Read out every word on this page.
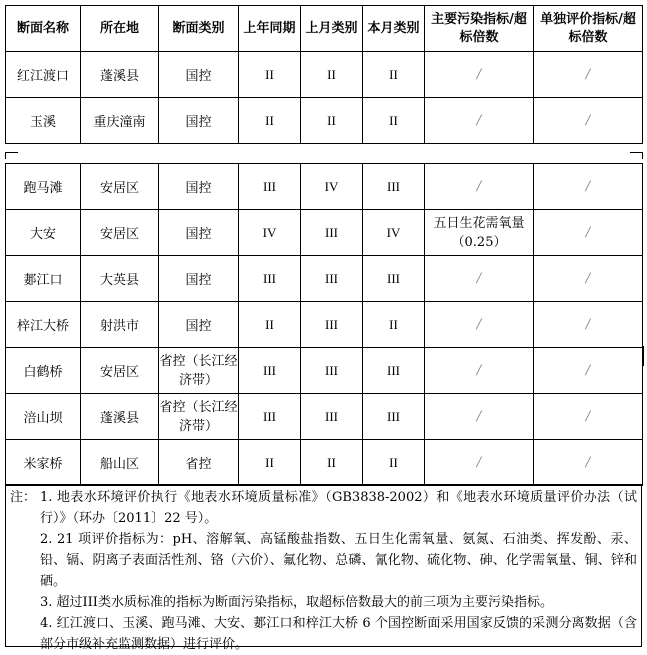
断面名称	所在地	断面类别	上年同期	上月类别	本月类别	主要污染指标/超标倍数	单独评价指标/超标倍数
红江渡口	蓬溪县	国控	II	II	II	/	/
玉溪	重庆潼南	国控	II	II	II	/	/
跑马滩	安居区	国控	III	IV	III	/	/
大安	安居区	国控	IV	III	IV	五日生花需氧量（0.25）	/
郪江口	大英县	国控	III	III	III	/	/
梓江大桥	射洪市	国控	II	III	II	/	/
白鹤桥	安居区	省控（长江经济带）	III	III	III	/	/
涪山坝	蓬溪县	省控（长江经济带）	III	III	III	/	/
米家桥	船山区	省控	II	II	II	/	/
注： 1. 地表水环境评价执行《地表水环境质量标准》（GB3838-2002）和《地表水环境质量评价办法（试行）》（环办〔2011〕22 号）。
2. 21 项评价指标为：pH、溶解氧、高锰酸盐指数、五日生化需氧量、氨氮、石油类、挥发酚、汞、铅、镉、阴离子表面活性剂、铬（六价）、氟化物、总磷、氰化物、硫化物、砷、化学需氧量、铜、锌和硒。
3. 超过III类水质标准的指标为断面污染指标，取超标倍数最大的前三项为主要污染指标。
4. 红江渡口、玉溪、跑马滩、大安、郪江口和梓江大桥 6 个国控断面采用国家反馈的采测分离数据（含部分市级补充监测数据）进行评价。
